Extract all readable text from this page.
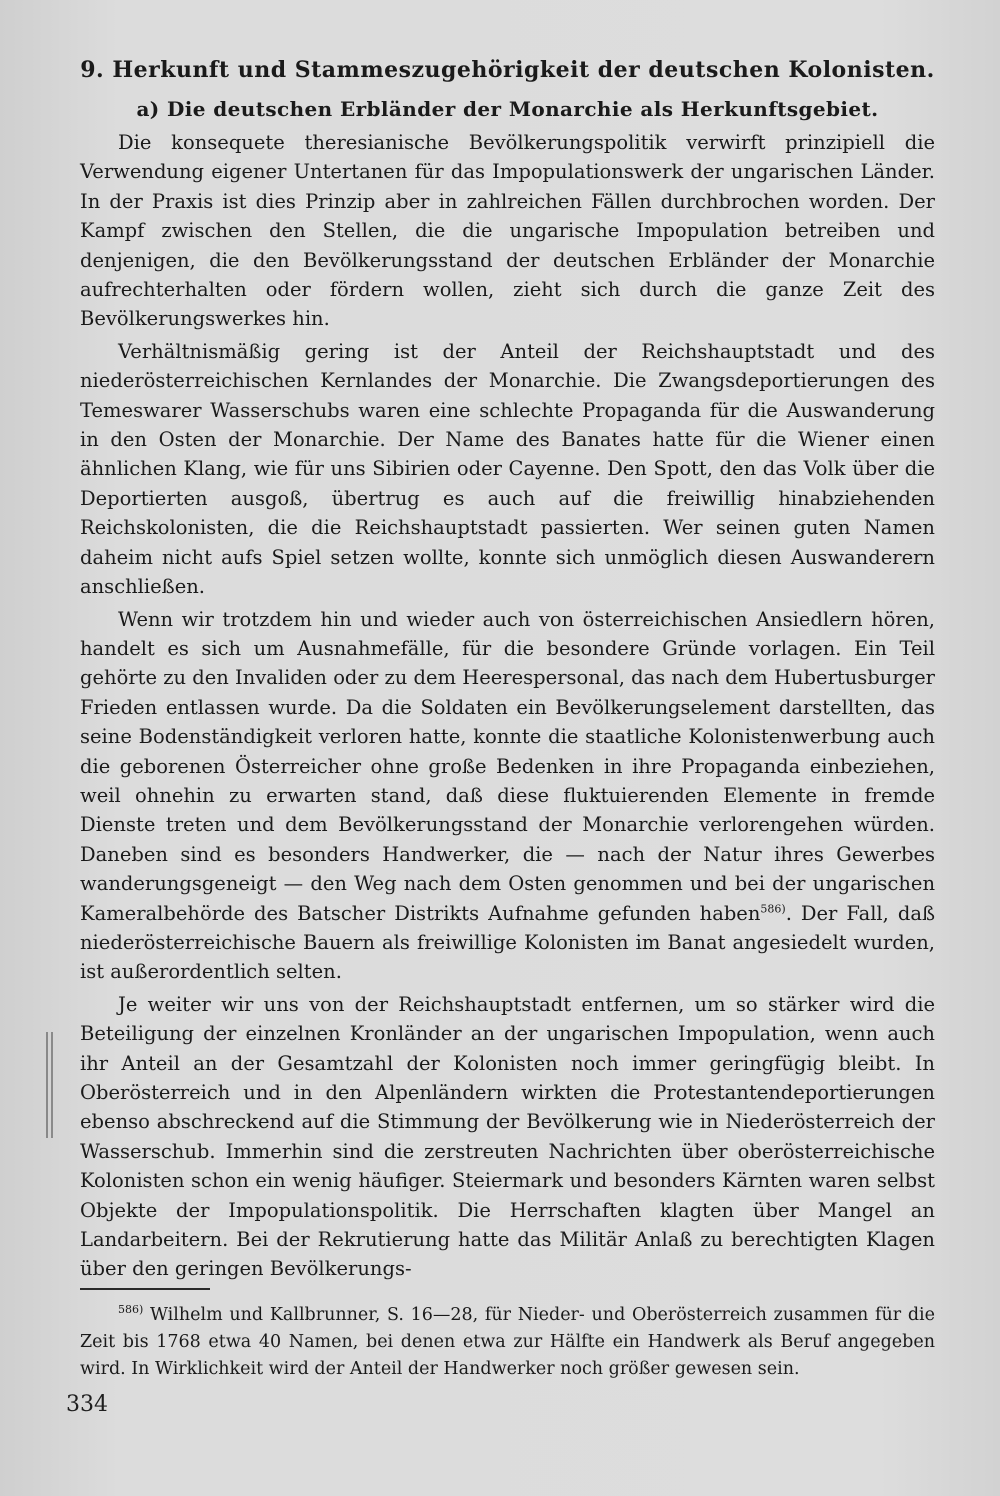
9. Herkunft und Stammeszugehörigkeit der deutschen Kolonisten.
a) Die deutschen Erbländer der Monarchie als Herkunftsgebiet.

Die konsequete theresianische Bevölkerungspolitik verwirft prinzipiell die Verwendung eigener Untertanen für das Impopulationswerk der ungarischen Länder. In der Praxis ist dies Prinzip aber in zahlreichen Fällen durchbrochen worden. Der Kampf zwischen den Stellen, die die ungarische Impopulation betreiben und denjenigen, die den Bevölkerungsstand der deutschen Erbländer der Monarchie aufrechterhalten oder fördern wollen, zieht sich durch die ganze Zeit des Bevölkerungswerkes hin.

Verhältnismäßig gering ist der Anteil der Reichshauptstadt und des niederösterreichischen Kernlandes der Monarchie. Die Zwangsdeportierungen des Temeswarer Wasserschubs waren eine schlechte Propaganda für die Auswanderung in den Osten der Monarchie. Der Name des Banates hatte für die Wiener einen ähnlichen Klang, wie für uns Sibirien oder Cayenne. Den Spott, den das Volk über die Deportierten ausgoß, übertrug es auch auf die freiwillig hinabziehenden Reichskolonisten, die die Reichshauptstadt passierten. Wer seinen guten Namen daheim nicht aufs Spiel setzen wollte, konnte sich unmöglich diesen Auswanderern anschließen.

Wenn wir trotzdem hin und wieder auch von österreichischen Ansiedlern hören, handelt es sich um Ausnahmefälle, für die besondere Gründe vorlagen. Ein Teil gehörte zu den Invaliden oder zu dem Heerespersonal, das nach dem Hubertusburger Frieden entlassen wurde. Da die Soldaten ein Bevölkerungselement darstellten, das seine Bodenständigkeit verloren hatte, konnte die staatliche Kolonistenwerbung auch die geborenen Österreicher ohne große Bedenken in ihre Propaganda einbeziehen, weil ohnehin zu erwarten stand, daß diese fluktuierenden Elemente in fremde Dienste treten und dem Bevölkerungsstand der Monarchie verlorengehen würden. Daneben sind es besonders Handwerker, die — nach der Natur ihres Gewerbes wanderungsgeneigt — den Weg nach dem Osten genommen und bei der ungarischen Kameralbehörde des Batscher Distrikts Aufnahme gefunden haben$^{586)}$. Der Fall, daß niederösterreichische Bauern als freiwillige Kolonisten im Banat angesiedelt wurden, ist außerordentlich selten.

Je weiter wir uns von der Reichshauptstadt entfernen, um so stärker wird die Beteiligung der einzelnen Kronländer an der ungarischen Impopulation, wenn auch ihr Anteil an der Gesamtzahl der Kolonisten noch immer geringfügig bleibt. In Oberösterreich und in den Alpenländern wirkten die Protestantendeportierungen ebenso abschreckend auf die Stimmung der Bevölkerung wie in Niederösterreich der Wasserschub. Immerhin sind die zerstreuten Nachrichten über oberösterreichische Kolonisten schon ein wenig häufiger. Steiermark und besonders Kärnten waren selbst Objekte der Impopulationspolitik. Die Herrschaften klagten über Mangel an Landarbeitern. Bei der Rekrutierung hatte das Militär Anlaß zu berechtigten Klagen über den geringen Bevölkerungs-

$^{586)}$ Wilhelm und Kallbrunner, S. 16—28, für Nieder- und Oberösterreich zusammen für die Zeit bis 1768 etwa 40 Namen, bei denen etwa zur Hälfte ein Handwerk als Beruf angegeben wird. In Wirklichkeit wird der Anteil der Handwerker noch größer gewesen sein.

334
